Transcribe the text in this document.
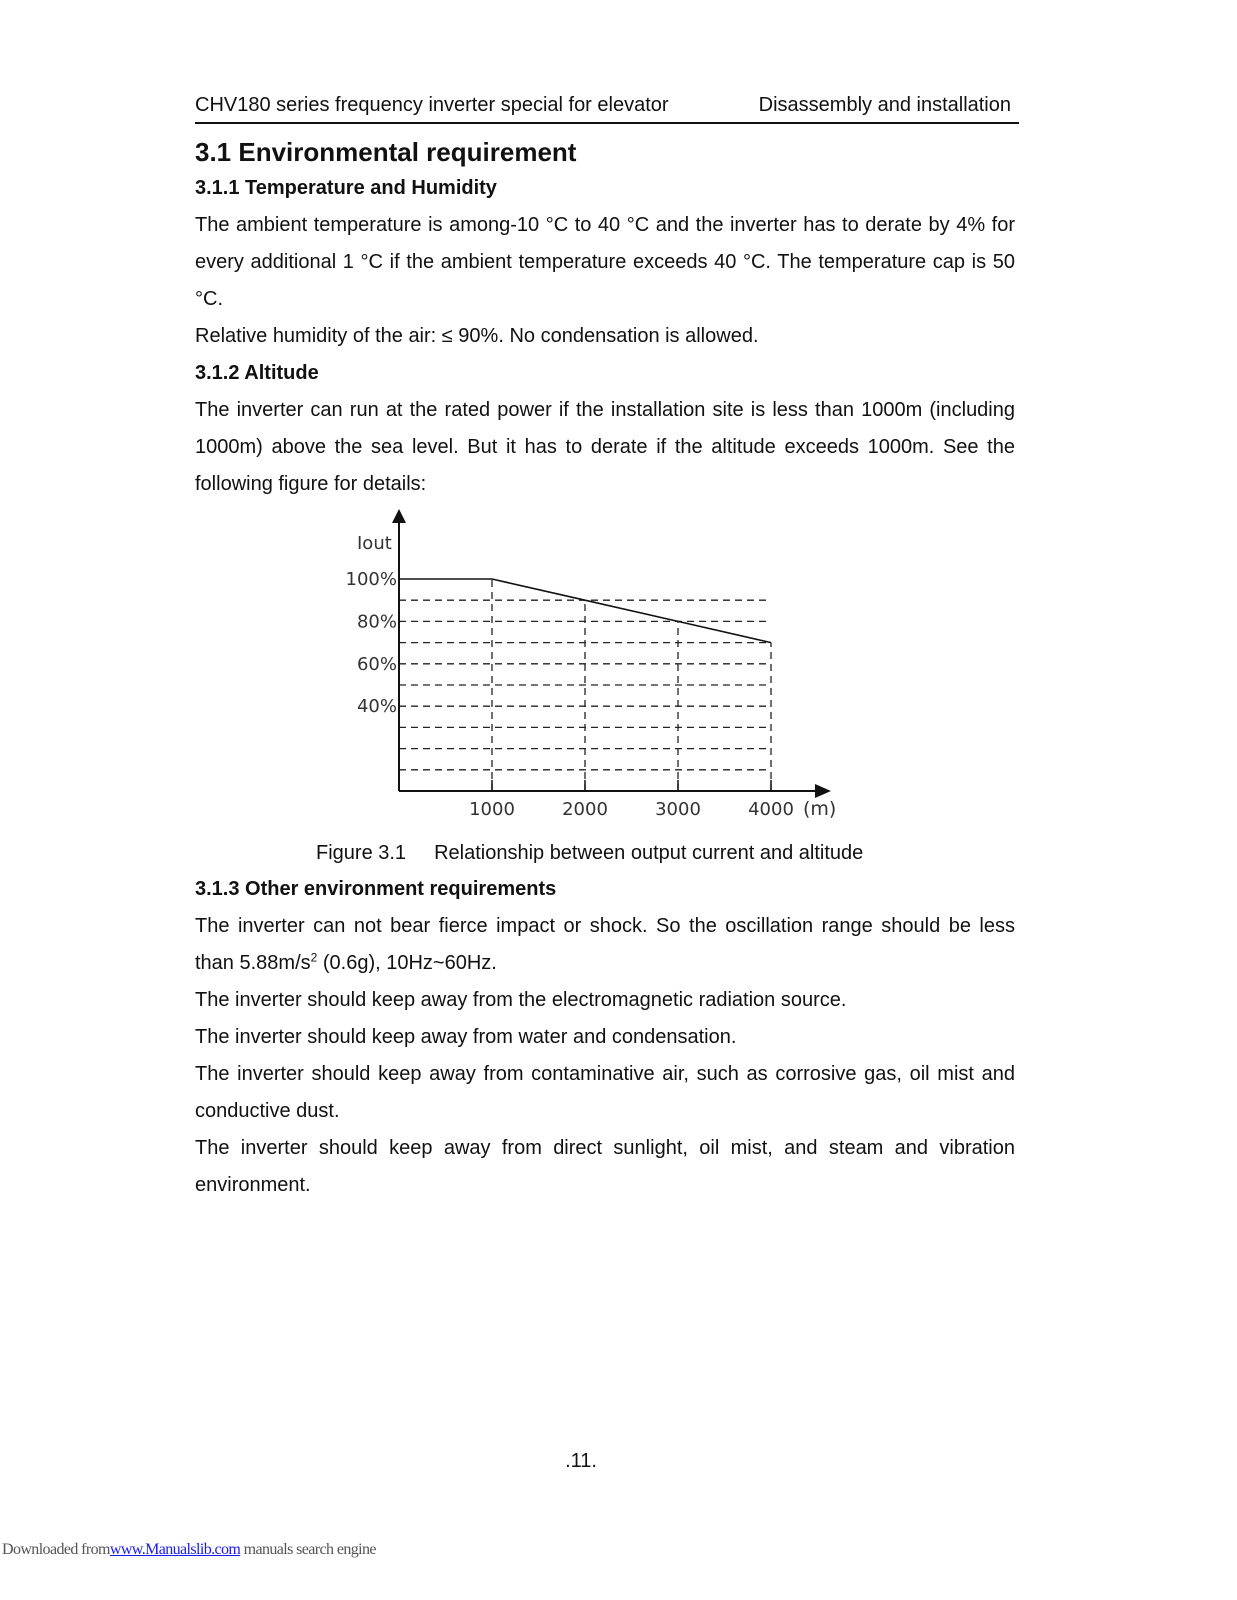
CHV180 series frequency inverter special for elevator	Disassembly and installation
3.1 Environmental requirement
3.1.1 Temperature and Humidity

The ambient temperature is among-10 °C to 40 °C and the inverter has to derate by 4% for every additional 1 °C if the ambient temperature exceeds 40 °C. The temperature cap is 50 °C.

Relative humidity of the air: ≤ 90%. No condensation is allowed.

3.1.2 Altitude

The inverter can run at the rated power if the installation site is less than 1000m (including 1000m) above the sea level. But it has to derate if the altitude exceeds 1000m. See the following figure for details:

100%
80%
60%
40%
1000	2000	3000	4000
Iout
(m)

Figure 3.1 Relationship between output current and altitude

3.1.3 Other environment requirements

The inverter can not bear fierce impact or shock. So the oscillation range should be less than $5.88m/s^2$ (0.6g), 10Hz~60Hz.

The inverter should keep away from the electromagnetic radiation source.

The inverter should keep away from water and condensation.

The inverter should keep away from contaminative air, such as corrosive gas, oil mist and conductive dust.

The inverter should keep away from direct sunlight, oil mist, and steam and vibration environment.

.11.
Downloaded fromwww.Manualslib.com manuals search engine
